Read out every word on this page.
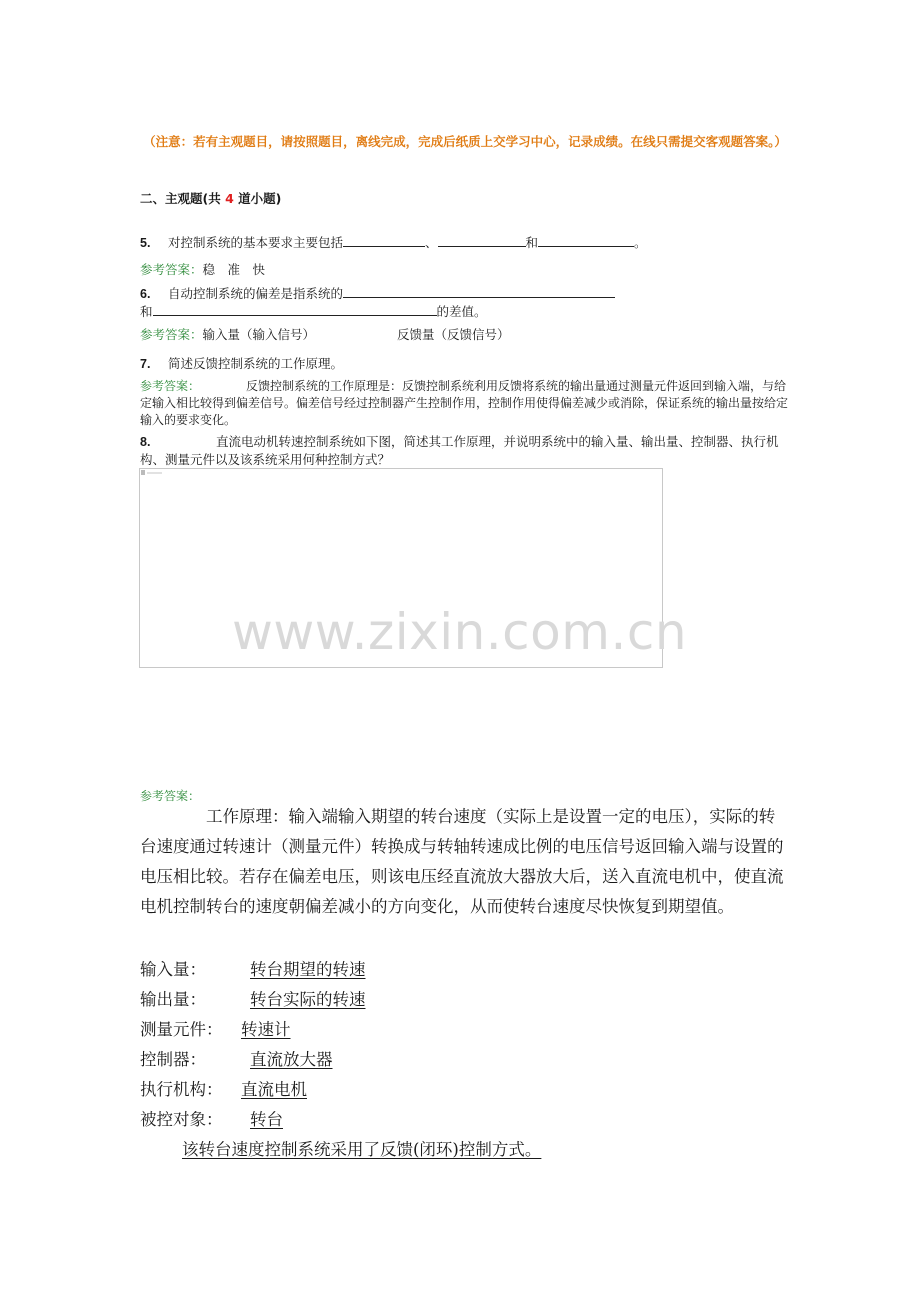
（注意：若有主观题目，请按照题目，离线完成，完成后纸质上交学习中心，记录成绩。在线只需提交客观题答案。）
二、主观题(共 4 道小题)
5. 对控制系统的基本要求主要包括	、	和	。
参考答案：稳　准　快
6. 自动控制系统的偏差是指系统的
和	的差值。
参考答案：输入量（输入信号）	反馈量（反馈信号）
7. 简述反馈控制系统的工作原理。
参考答案：	反馈控制系统的工作原理是：反馈控制系统利用反馈将系统的输出量通过测量元件返回到输入端，与给定输入相比较得到偏差信号。偏差信号经过控制器产生控制作用，控制作用使得偏差减少或消除，保证系统的输出量按给定输入的要求变化。
8.	直流电动机转速控制系统如下图，简述其工作原理，并说明系统中的输入量、输出量、控制器、执行机构、测量元件以及该系统采用何种控制方式？
www.zixin.com.cn
参考答案：
工作原理：输入端输入期望的转台速度（实际上是设置一定的电压），实际的转台速度通过转速计（测量元件）转换成与转轴转速成比例的电压信号返回输入端与设置的电压相比较。若存在偏差电压，则该电压经直流放大器放大后，送入直流电机中，使直流电机控制转台的速度朝偏差减小的方向变化，从而使转台速度尽快恢复到期望值。
输入量：	转台期望的转速
输出量：	转台实际的转速
测量元件： 转速计
控制器：	直流放大器
执行机构： 直流电机
被控对象： 转台
该转台速度控制系统采用了反馈(闭环)控制方式。
